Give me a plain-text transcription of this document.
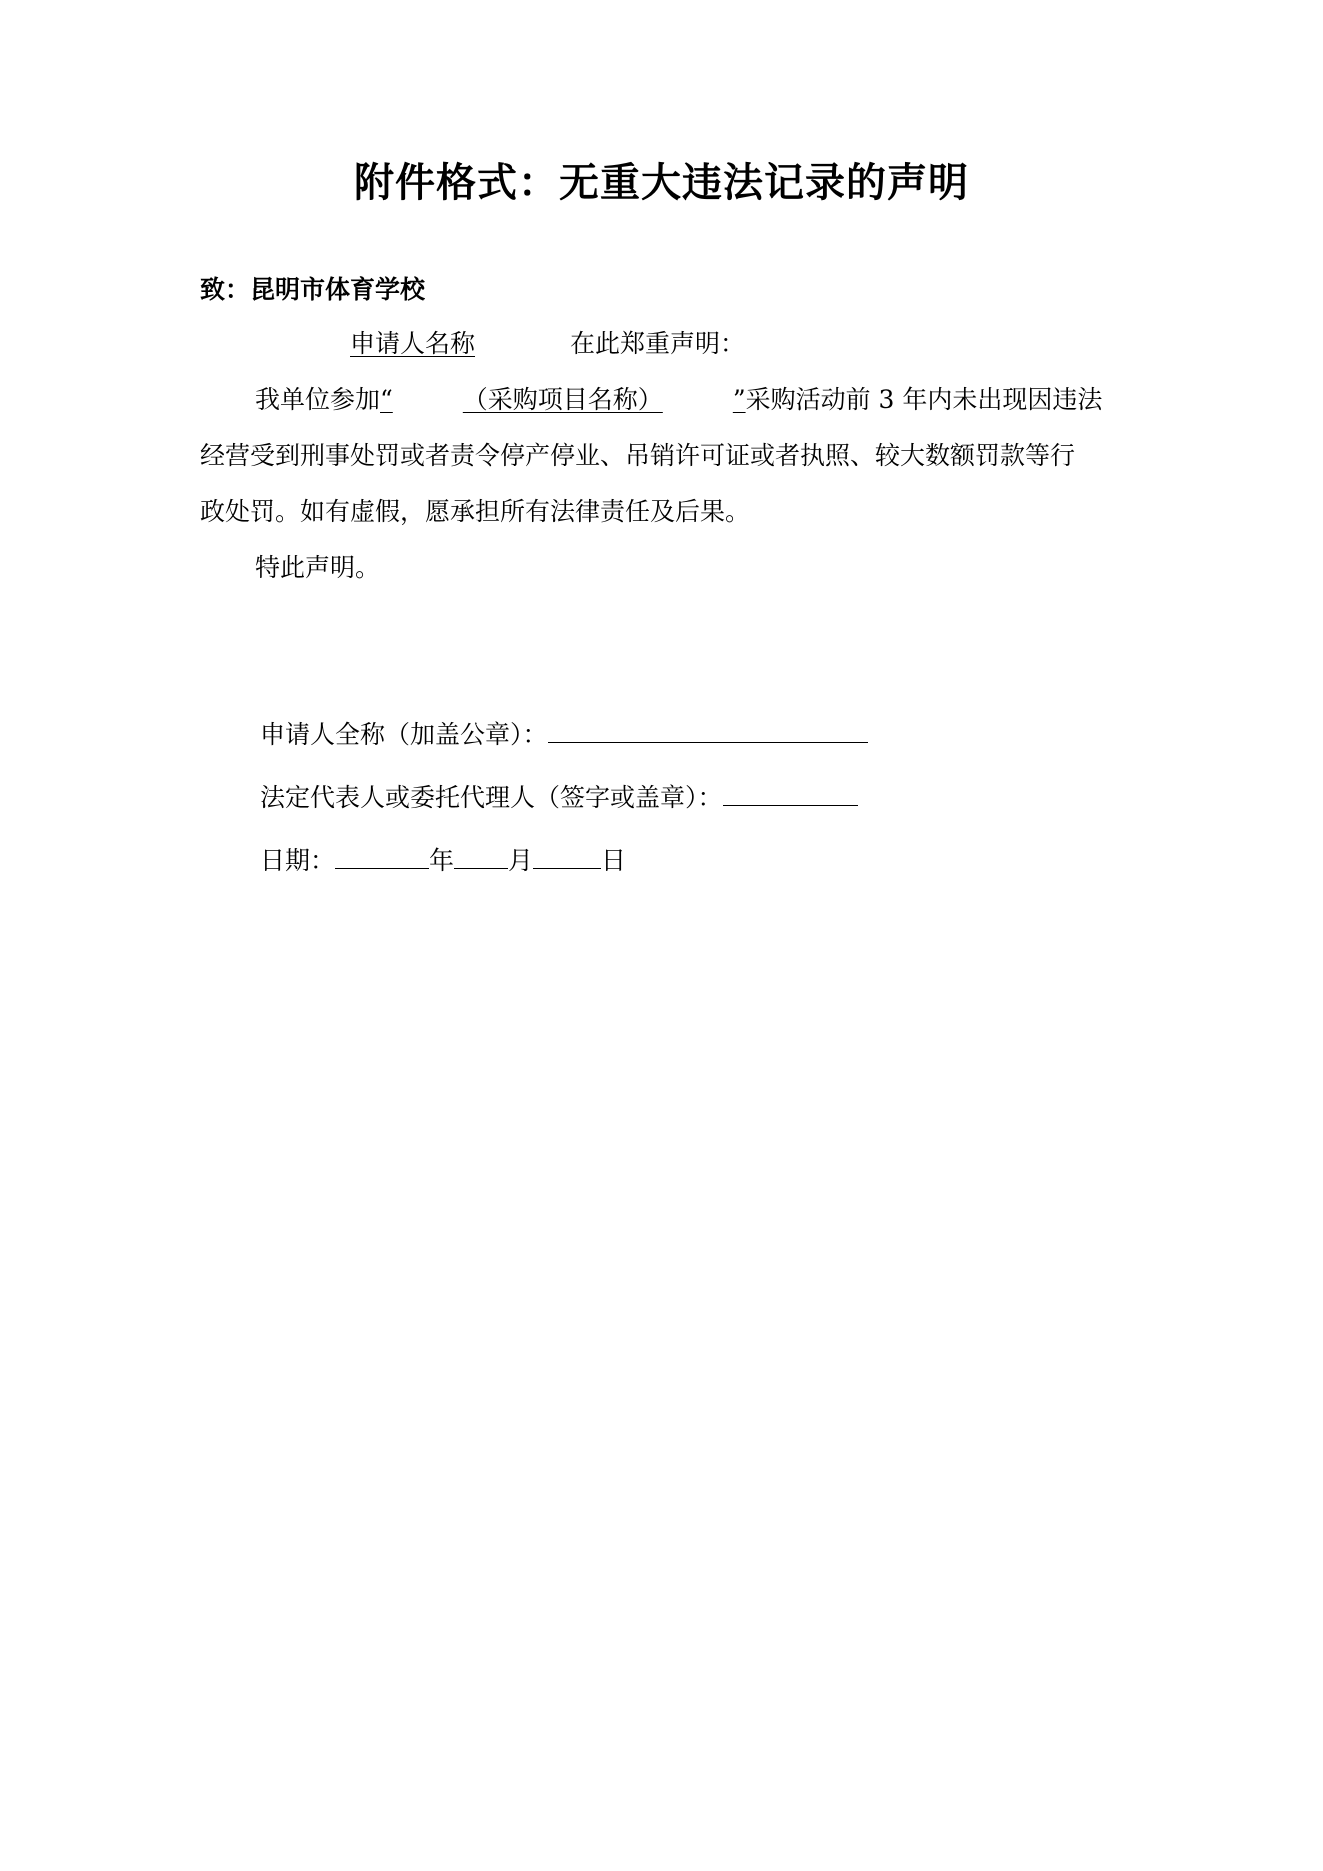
附件格式：无重大违法记录的声明
致：昆明市体育学校
申请人名称	在此郑重声明：
我单位参加“	（采购项目名称）	”采购活动前 3 年内未出现因违法
经营受到刑事处罚或者责令停产停业、吊销许可证或者执照、较大数额罚款等行
政处罚。如有虚假，愿承担所有法律责任及后果。
特此声明。
申请人全称（加盖公章）：
法定代表人或委托代理人（签字或盖章）：
日期：	年 月	日
